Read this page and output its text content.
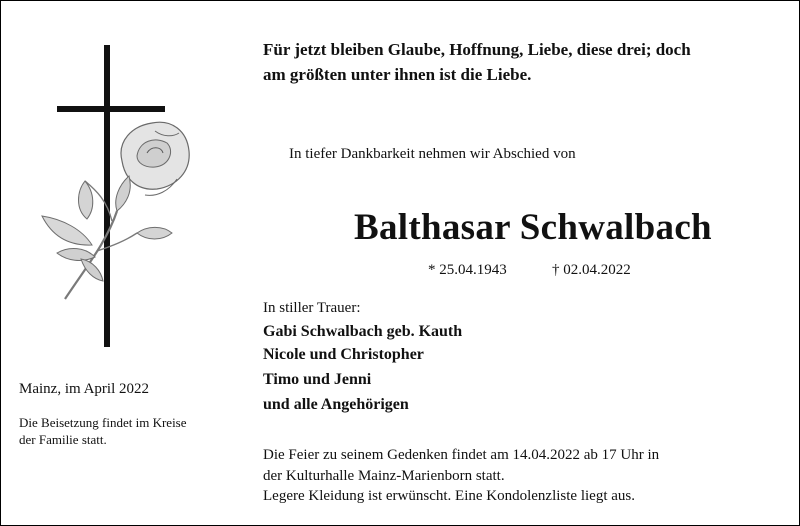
Für jetzt bleiben Glaube, Hoffnung, Liebe, diese drei; doch
am größten unter ihnen ist die Liebe.
In tiefer Dankbarkeit nehmen wir Abschied von
Balthasar Schwalbach
* 25.04.1943	† 02.04.2022
In stiller Trauer:
Gabi Schwalbach geb. Kauth
Nicole und Christopher
Timo und Jenni
und alle Angehörigen
Die Feier zu seinem Gedenken findet am 14.04.2022 ab 17 Uhr in
der Kulturhalle Mainz-Marienborn statt.
Legere Kleidung ist erwünscht. Eine Kondolenzliste liegt aus.
Mainz, im April 2022
Die Beisetzung findet im Kreise
der Familie statt.
